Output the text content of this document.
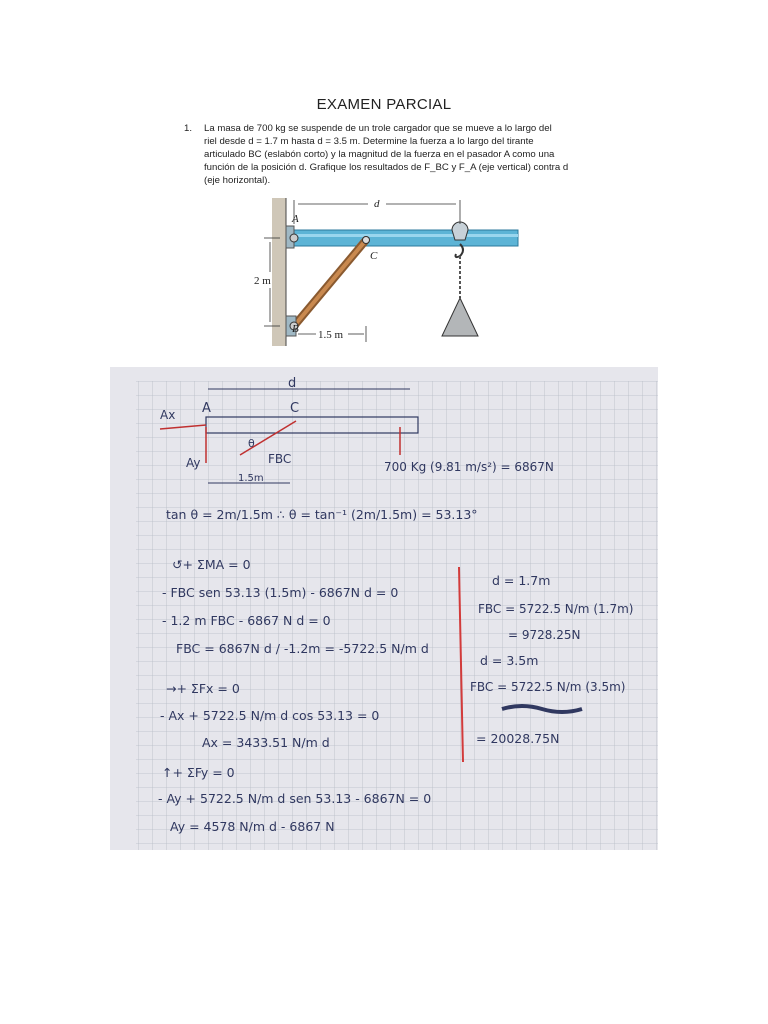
EXAMEN PARCIAL
1. La masa de 700 kg se suspende de un trole cargador que se mueve a lo largo del
riel desde d = 1.7 m hasta d = 3.5 m. Determine la fuerza a lo largo del tirante
articulado BC (eslabón corto) y la magnitud de la fuerza en el pasador A como una
función de la posición d. Grafique los resultados de F_BC y F_A (eje vertical) contra d
(eje horizontal).
d
A
C
B
2 m
1.5 m
d
A	C
Ax
Ay
θ
FBC
1.5m
700 Kg (9.81 m/s²) = 6867N
tan θ = 2m/1.5m ∴ θ = tan⁻¹ (2m/1.5m) = 53.13°
↺+ ΣMA = 0
- FBC sen 53.13 (1.5m) - 6867N d = 0
- 1.2 m FBC - 6867 N d = 0
FBC = 6867N d / -1.2m = -5722.5 N/m d
→+ ΣFx = 0
- Ax + 5722.5 N/m d cos 53.13 = 0
Ax = 3433.51 N/m d
↑+ ΣFy = 0
- Ay + 5722.5 N/m d sen 53.13 - 6867N = 0
Ay = 4578 N/m d - 6867 N
d = 1.7m
FBC = 5722.5 N/m (1.7m)
= 9728.25N
d = 3.5m
FBC = 5722.5 N/m (3.5m)
= 20028.75N
